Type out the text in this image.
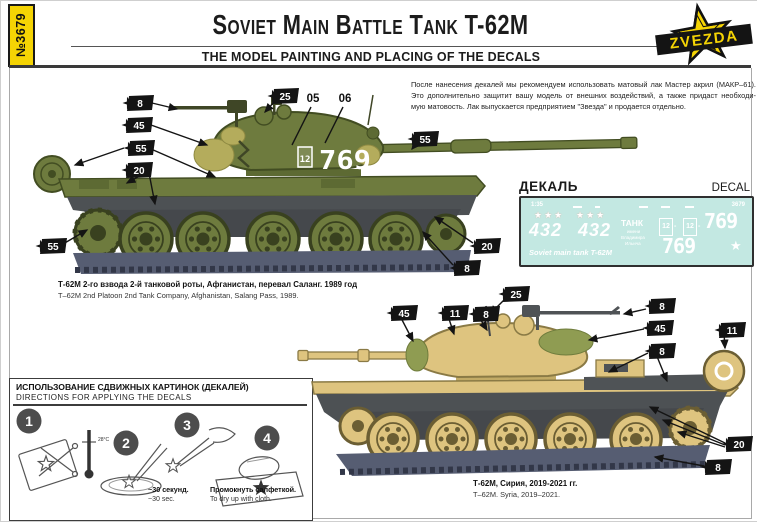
№3679	Soviet Main Battle Tank T-62M
THE MODEL PAINTING AND PLACING OF THE DECALS
ZVEZDA
После нанесения декалей мы рекомендуем использовать матовый лак Мастер акрил (МАКР–61).
Это дополнительно защитит вашу модель от внешних воздействий, а также придаст необходи-
мую матовость. Лак выпускается предприятием "Звезда" и продается отдельно.
12 769
8
45
55
20
25 05 06
55
55	20
8
ДЕКАЛЬ	DECAL
1:35	3679
★★★ ★★★
432 432 ТАНК
имени
Владимира
Ильича
12 -	12 - 769
769	★
Soviet main tank T-62M
Т-62М 2-го взвода 2-й танковой роты, Афганистан, перевал Саланг. 1989 год
T–62M 2nd Platoon 2nd Tank Company, Afghanistan, Salang Pass, 1989.
ИСПОЛЬЗОВАНИЕ СДВИЖНЫХ КАРТИНОК (ДЕКАЛЕЙ)
DIRECTIONS FOR APPLYING THE DECALS
28°C
1
2
3
4
~30 секунд.
~30 sec.
Промокнуть салфеткой.
To dry up with cloth.
25
45	11 8
8
45	11
8
20
8
Т-62М, Сирия, 2019-2021 гг.
T–62M. Syria, 2019–2021.
